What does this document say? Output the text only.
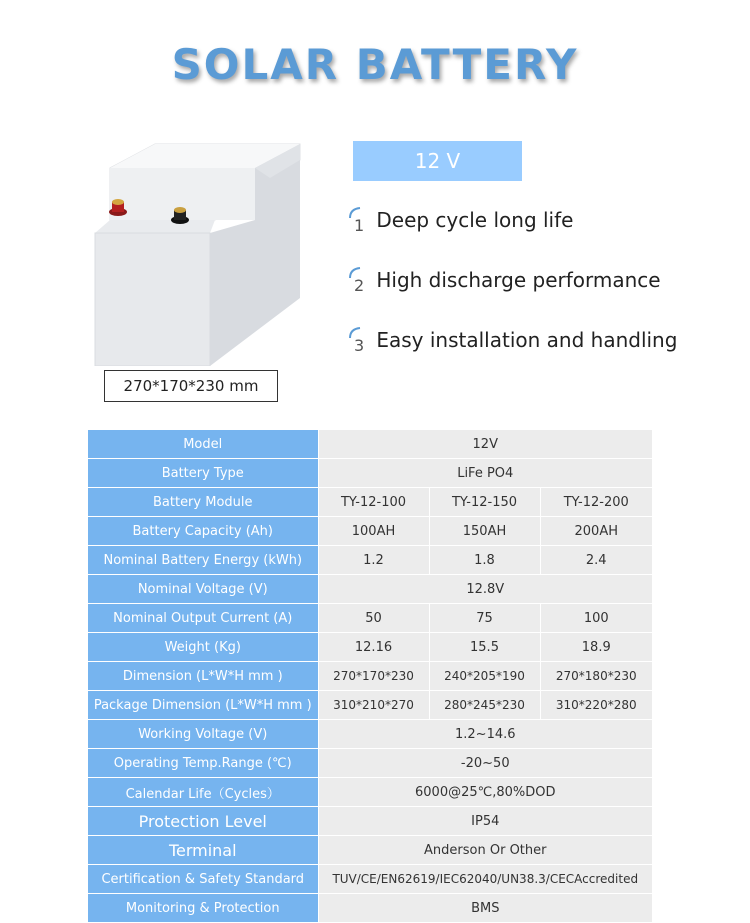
SOLAR BATTERY
270*170*230 mm
12 V
1 Deep cycle long life
2 High discharge performance
3 Easy installation and handling
Model	12V		
Battery Type	LiFe PO4		
Battery Module	TY-12-100	TY-12-150	TY-12-200
Battery Capacity (Ah)	100AH	150AH	200AH
Nominal Battery Energy (kWh)	1.2	1.8	2.4
Nominal Voltage (V)	12.8V		
Nominal Output Current (A)	50	75	100
Weight (Kg)	12.16	15.5	18.9
Dimension (L*W*H mm )	270*170*230	240*205*190	270*180*230
Package Dimension (L*W*H mm )	310*210*270	280*245*230	310*220*280
Working Voltage (V)	1.2~14.6		
Operating Temp.Range (℃)	-20~50		
Calendar Life（Cycles）	6000@25℃,80%DOD		
Protection Level	IP54		
Terminal	Anderson Or Other		
Certification & Safety Standard	TUV/CE/EN62619/IEC62040/UN38.3/CECAccredited		
Monitoring & Protection	BMS		
